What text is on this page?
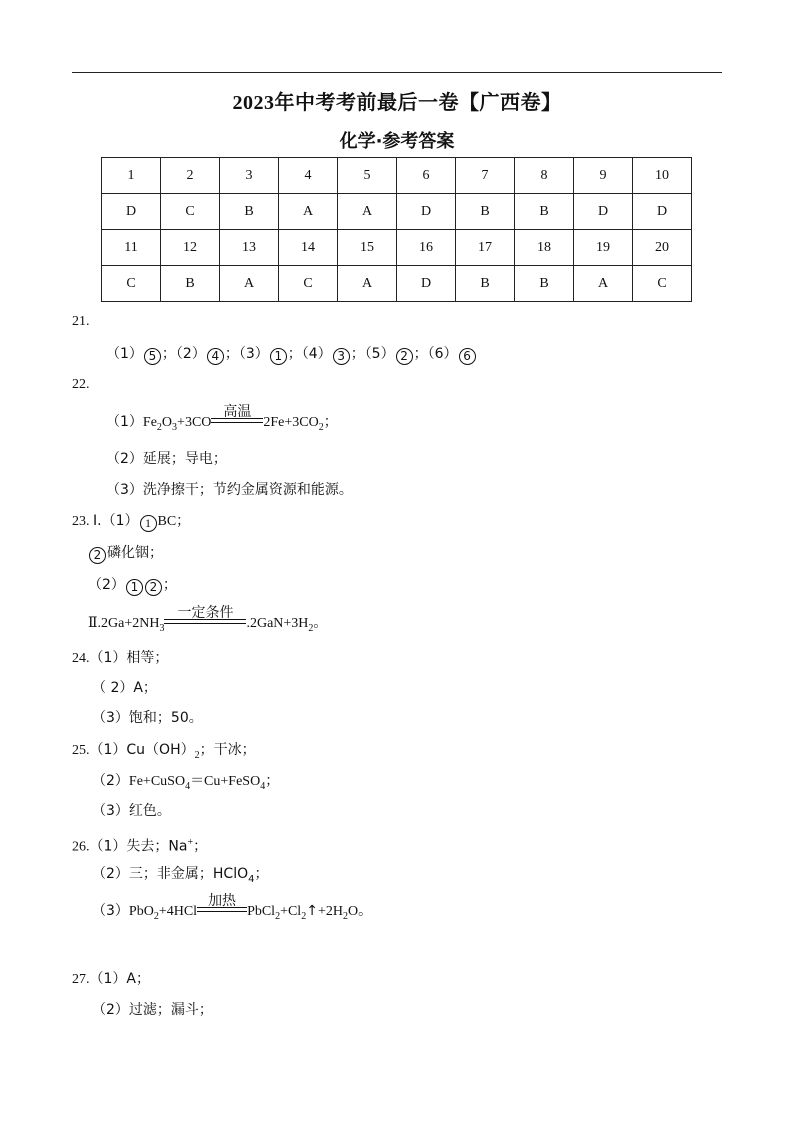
2023年中考考前最后一卷【广西卷】
化学·参考答案
1	2	3	4	5	6	7	8	9	10
D	C	B	A	A	D	B	B	D	D
11	12	13	14	15	16	17	18	19	20
C	B	A	C	A	D	B	B	A	C
21.
（1） 5 ；（2） 4 ；（3） 1 ；（4） 3 ；（5） 2 ；（6） 6
22.
$(1)Fe_2O_3+3CO$
高温
$2Fe+3CO_2$；
（2）延展；导电；
（3）洗净擦干；节约金属资源和能源。
23. Ⅰ.（1） 1 BC；
2 磷化铟；
（2） 1 2 ；
$Ⅱ.2Ga+2NH_3$
一定条件
$.2GaN+3H_2$。
24.（1）相等；
（ 2）A；
（3）饱和；50。
$25.(1)Cu(OH)_2$；干冰；
（2）Fe+CuSO$_4$＝Cu+FeSO$_4$；
（3）红色。
26.（1）失去；Na+；
（2）三；非金属；HClO$_4$；
（3）PbO$_2$+4HCl
加热
$PbCl_2+Cl_2↑+2H_2O$。
27.（1）A；
（2）过滤；漏斗；
